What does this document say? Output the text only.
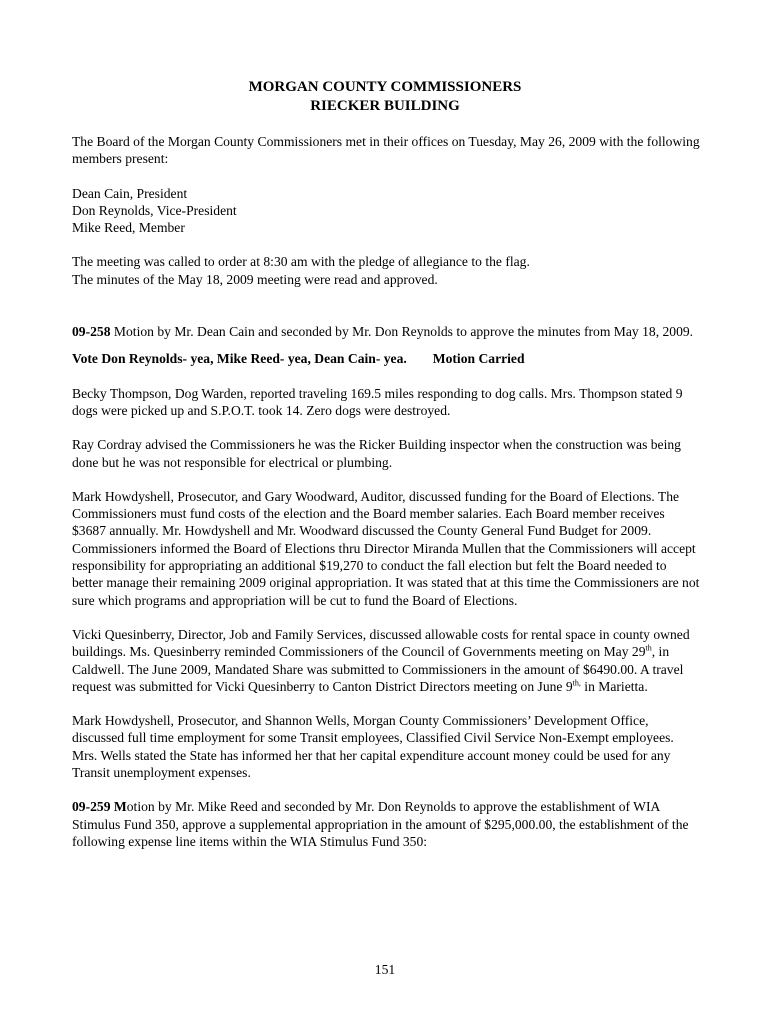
MORGAN COUNTY COMMISSIONERS
RIECKER BUILDING

The Board of the Morgan County Commissioners met in their offices on Tuesday, May 26, 2009 with the following members present:

Dean Cain, President
Don Reynolds, Vice-President
Mike Reed, Member
The meeting was called to order at 8:30 am with the pledge of allegiance to the flag.
The minutes of the May 18, 2009 meeting were read and approved.

09-258 Motion by Mr. Dean Cain and seconded by Mr. Don Reynolds to approve the minutes from May 18, 2009.

Vote Don Reynolds- yea, Mike Reed- yea, Dean Cain- yea. Motion Carried

Becky Thompson, Dog Warden, reported traveling 169.5 miles responding to dog calls. Mrs. Thompson stated 9 dogs were picked up and S.P.O.T. took 14. Zero dogs were destroyed.

Ray Cordray advised the Commissioners he was the Ricker Building inspector when the construction was being done but he was not responsible for electrical or plumbing.

Mark Howdyshell, Prosecutor, and Gary Woodward, Auditor, discussed funding for the Board of Elections. The Commissioners must fund costs of the election and the Board member salaries. Each Board member receives $3687 annually. Mr. Howdyshell and Mr. Woodward discussed the County General Fund Budget for 2009. Commissioners informed the Board of Elections thru Director Miranda Mullen that the Commissioners will accept responsibility for appropriating an additional $19,270 to conduct the fall election but felt the Board needed to better manage their remaining 2009 original appropriation. It was stated that at this time the Commissioners are not sure which programs and appropriation will be cut to fund the Board of Elections.

Vicki Quesinberry, Director, Job and Family Services, discussed allowable costs for rental space in county owned buildings. Ms. Quesinberry reminded Commissioners of the Council of Governments meeting on May 29th, in Caldwell. The June 2009, Mandated Share was submitted to Commissioners in the amount of $6490.00. A travel request was submitted for Vicki Quesinberry to Canton District Directors meeting on June $9^{th,}$ in Marietta.

Mark Howdyshell, Prosecutor, and Shannon Wells, Morgan County Commissioners’ Development Office, discussed full time employment for some Transit employees, Classified Civil Service Non-Exempt employees. Mrs. Wells stated the State has informed her that her capital expenditure account money could be used for any Transit unemployment expenses.

09-259 Motion by Mr. Mike Reed and seconded by Mr. Don Reynolds to approve the establishment of WIA Stimulus Fund 350, approve a supplemental appropriation in the amount of $295,000.00, the establishment of the following expense line items within the WIA Stimulus Fund 350:

151
